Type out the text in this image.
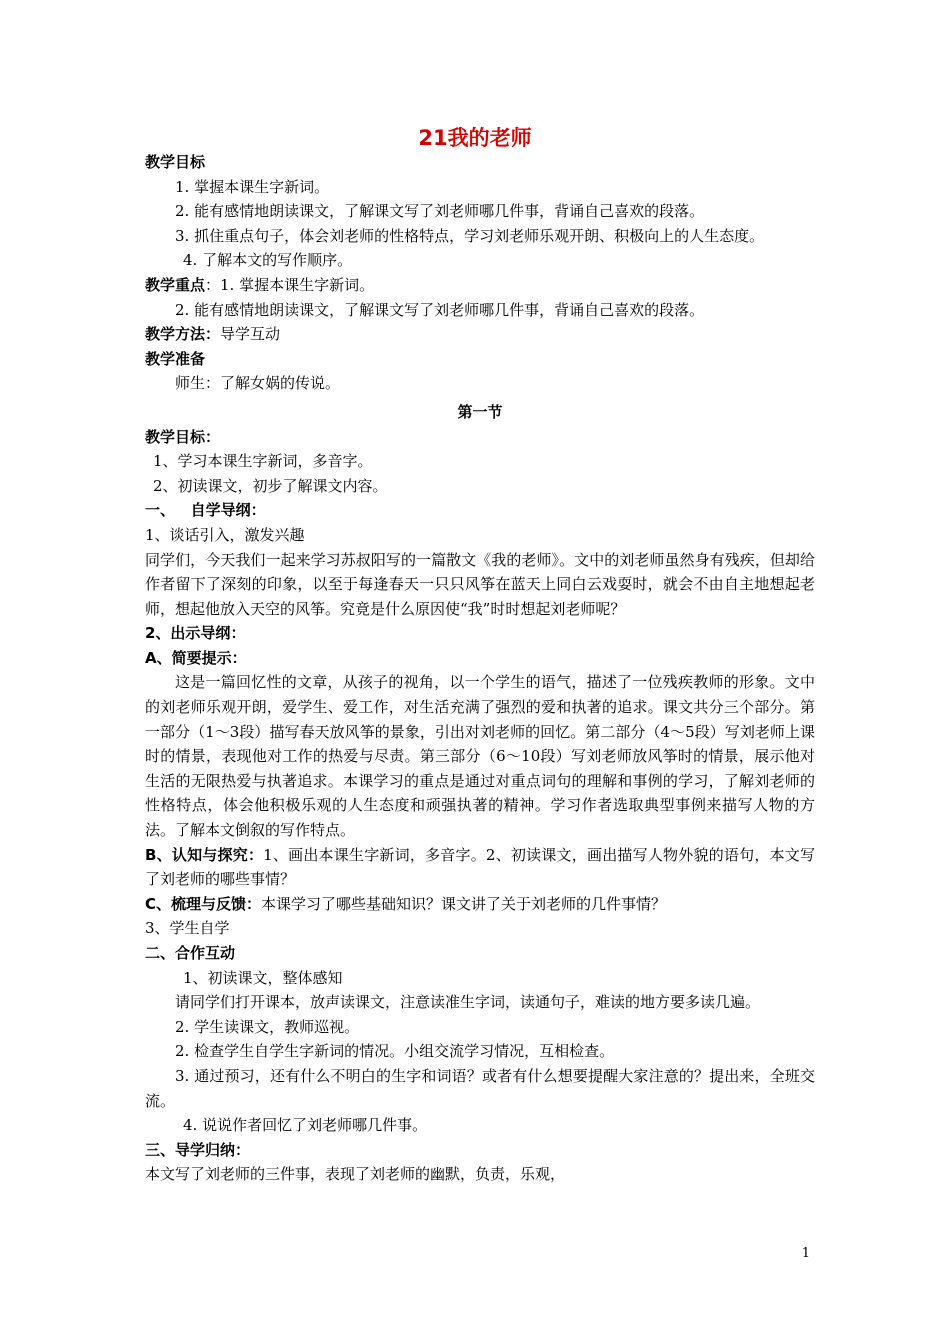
21我的老师

教学目标

1. 掌握本课生字新词。

2. 能有感情地朗读课文，了解课文写了刘老师哪几件事，背诵自己喜欢的段落。

3. 抓住重点句子，体会刘老师的性格特点，学习刘老师乐观开朗、积极向上的人生态度。

4. 了解本文的写作顺序。

教学重点：1. 掌握本课生字新词。

2. 能有感情地朗读课文，了解课文写了刘老师哪几件事，背诵自己喜欢的段落。

教学方法：导学互动

教学准备

师生：了解女娲的传说。

第一节

教学目标：

1、学习本课生字新词，多音字。

2、初读课文，初步了解课文内容。

一、   自学导纲：

1、谈话引入，激发兴趣

同学们，今天我们一起来学习苏叔阳写的一篇散文《我的老师》。文中的刘老师虽然身有残疾，但却给作者留下了深刻的印象，以至于每逢春天一只只风筝在蓝天上同白云戏耍时，就会不由自主地想起老师，想起他放入天空的风筝。究竟是什么原因使“我”时时想起刘老师呢？

2、出示导纲：

A、简要提示：

这是一篇回忆性的文章，从孩子的视角，以一个学生的语气，描述了一位残疾教师的形象。文中的刘老师乐观开朗，爱学生、爱工作，对生活充满了强烈的爱和执著的追求。课文共分三个部分。第一部分（1～3段）描写春天放风筝的景象，引出对刘老师的回忆。第二部分（4～5段）写刘老师上课时的情景，表现他对工作的热爱与尽责。第三部分（6～10段）写刘老师放风筝时的情景，展示他对生活的无限热爱与执著追求。本课学习的重点是通过对重点词句的理解和事例的学习，了解刘老师的性格特点，体会他积极乐观的人生态度和顽强执著的精神。学习作者选取典型事例来描写人物的方法。了解本文倒叙的写作特点。

B、认知与探究：1、画出本课生字新词，多音字。2、初读课文，画出描写人物外貌的语句，本文写了刘老师的哪些事情？

C、梳理与反馈：本课学习了哪些基础知识？课文讲了关于刘老师的几件事情？

3、学生自学

二、合作互动

1、初读课文，整体感知

请同学们打开课本，放声读课文，注意读准生字词，读通句子，难读的地方要多读几遍。

2. 学生读课文，教师巡视。

2. 检查学生自学生字新词的情况。小组交流学习情况，互相检查。

3. 通过预习，还有什么不明白的生字和词语？或者有什么想要提醒大家注意的？提出来，全班交流。

4. 说说作者回忆了刘老师哪几件事。

三、导学归纳：

本文写了刘老师的三件事，表现了刘老师的幽默，负责，乐观，

1
